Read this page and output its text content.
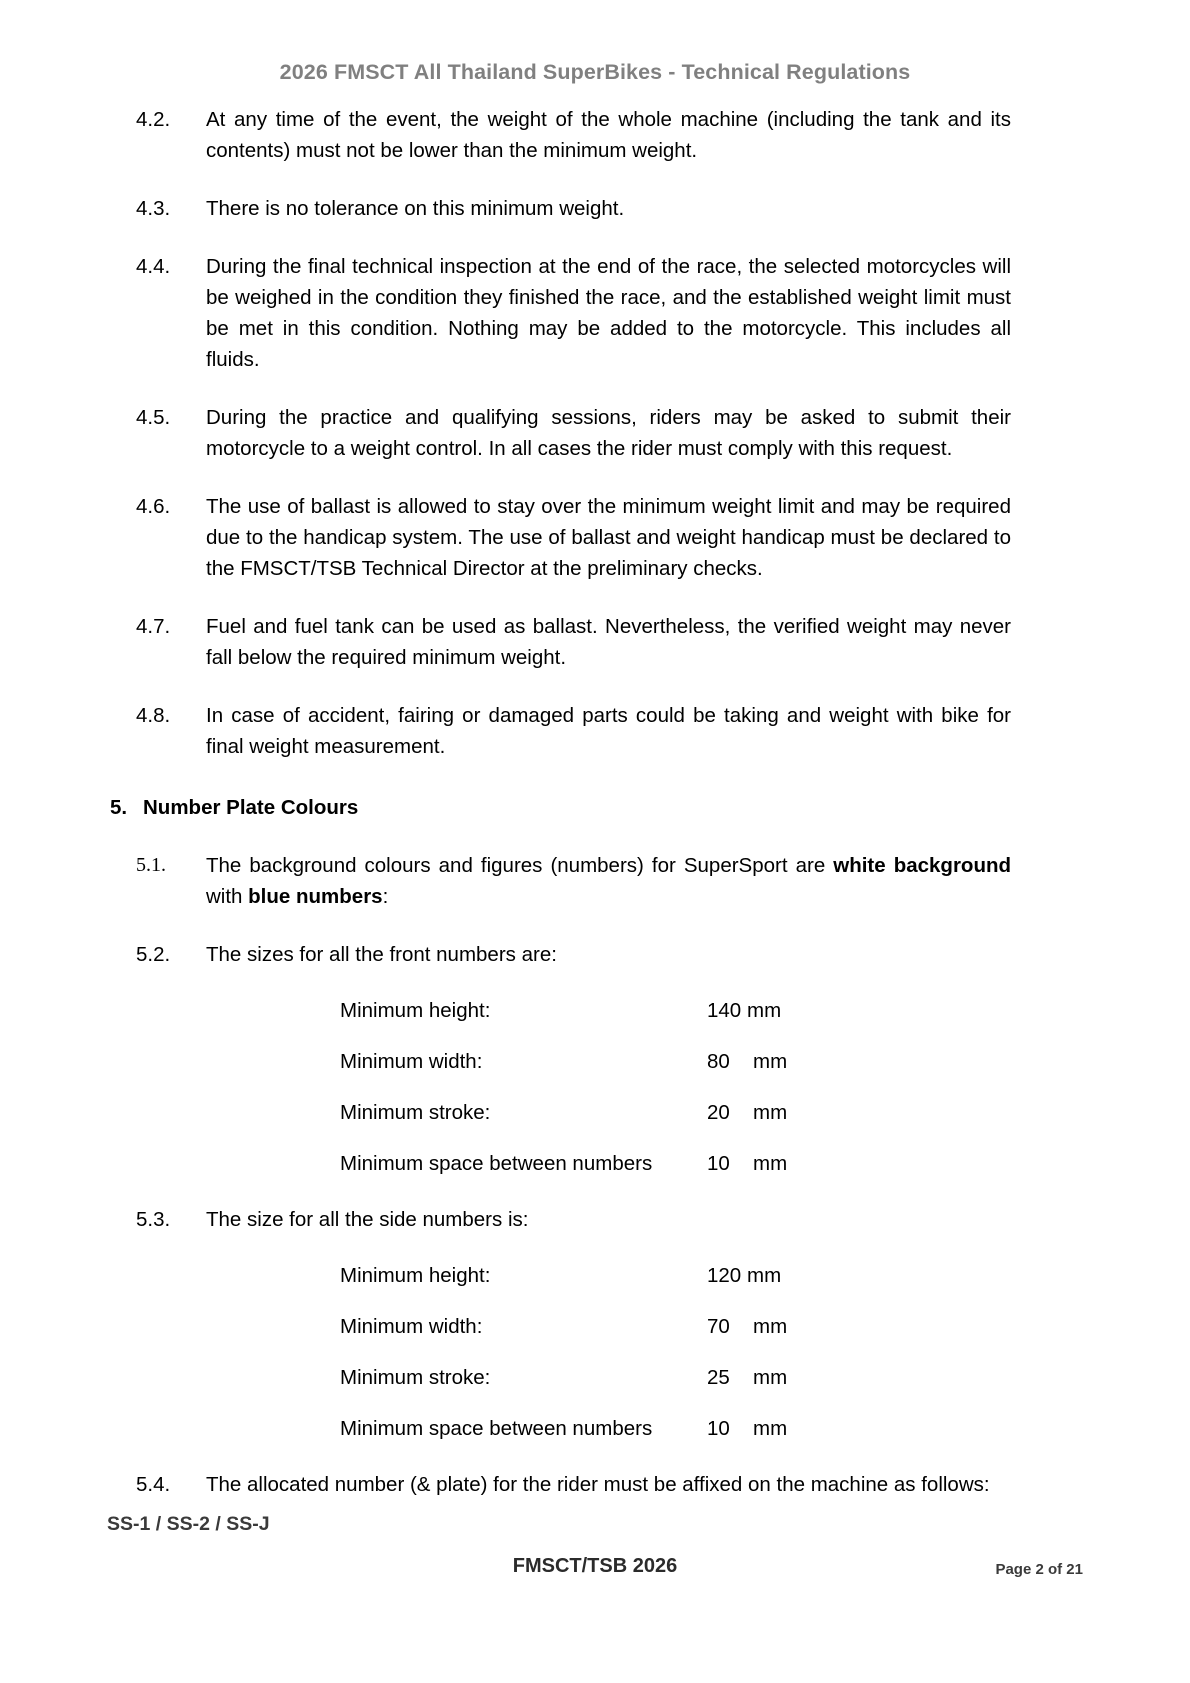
2026 FMSCT All Thailand SuperBikes - Technical Regulations
4.2.	At any time of the event, the weight of the whole machine (including the tank and its contents) must not be lower than the minimum weight.
4.3.	There is no tolerance on this minimum weight.
4.4.	During the final technical inspection at the end of the race, the selected motorcycles will be weighed in the condition they finished the race, and the established weight limit must be met in this condition. Nothing may be added to the motorcycle. This includes all fluids.
4.5.	During the practice and qualifying sessions, riders may be asked to submit their motorcycle to a weight control. In all cases the rider must comply with this request.
4.6.	The use of ballast is allowed to stay over the minimum weight limit and may be required due to the handicap system. The use of ballast and weight handicap must be declared to the FMSCT/TSB Technical Director at the preliminary checks.
4.7.	Fuel and fuel tank can be used as ballast. Nevertheless, the verified weight may never fall below the required minimum weight.
4.8.	In case of accident, fairing or damaged parts could be taking and weight with bike for final weight measurement.
5. Number Plate Colours
5.1.	The background colours and figures (numbers) for SuperSport are white background with blue numbers:
5.2.	The sizes for all the front numbers are:
Minimum height:	140 mm
Minimum width:	80	mm
Minimum stroke:	20	mm
Minimum space between numbers	10	mm
5.3.	The size for all the side numbers is:
Minimum height:	120 mm
Minimum width:	70	mm
Minimum stroke:	25	mm
Minimum space between numbers	10	mm
5.4.	The allocated number (& plate) for the rider must be affixed on the machine as follows:
SS-1 / SS-2 / SS-J
FMSCT/TSB 2026	Page 2 of 21
